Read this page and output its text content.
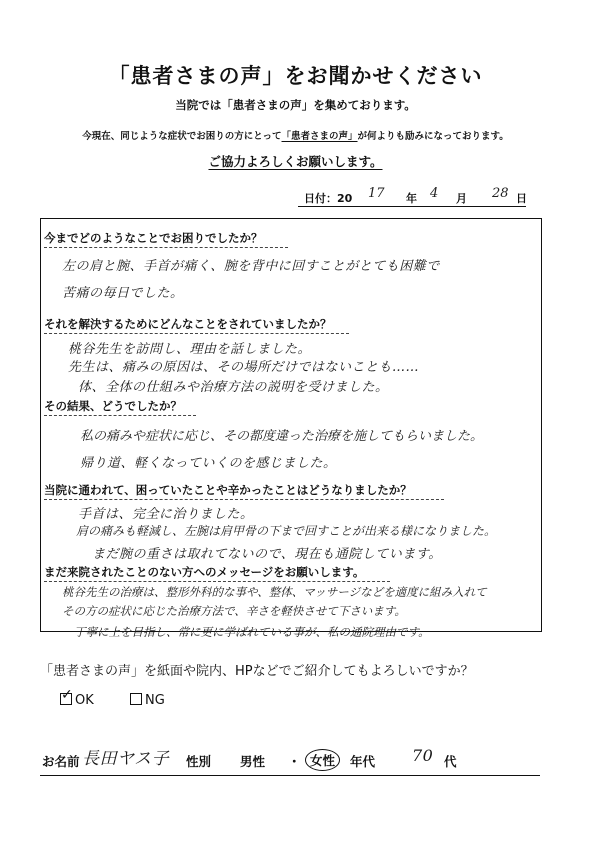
「患者さまの声」をお聞かせください
当院では「患者さまの声」を集めております。
今現在、同じような症状でお困りの方にとって「患者さまの声」が何よりも励みになっております。
ご協力よろしくお願いします。
日付：20 17 年 4 月 28 日
今までどのようなことでお困りでしたか？
左の肩と腕、手首が痛く、腕を背中に回すことがとても困難で
苦痛の毎日でした。
それを解決するためにどんなことをされていましたか？
桃谷先生を訪問し、理由を話しました。
先生は、痛みの原因は、その場所だけではないことも……
体、全体の仕組みや治療方法の説明を受けました。
その結果、どうでしたか？
私の痛みや症状に応じ、その都度違った治療を施してもらいました。
帰り道、軽くなっていくのを感じました。
当院に通われて、困っていたことや辛かったことはどうなりましたか？
手首は、完全に治りました。
肩の痛みも軽減し、左腕は肩甲骨の下まで回すことが出来る様になりました。
まだ腕の重さは取れてないので、現在も通院しています。
まだ来院されたことのない方へのメッセージをお願いします。
桃谷先生の治療は、整形外科的な事や、整体、マッサージなどを適度に組み入れて
その方の症状に応じた治療方法で、辛さを軽快させて下さいます。
丁寧に上を目指し、常に更に学ばれている事が、私の通院理由です。
「患者さまの声」を紙面や院内、HPなどでご紹介してもよろしいですか？
✓ OK	NG
お名前 長田ヤス子 性別 男性 ・ 女性	年代 70 代
